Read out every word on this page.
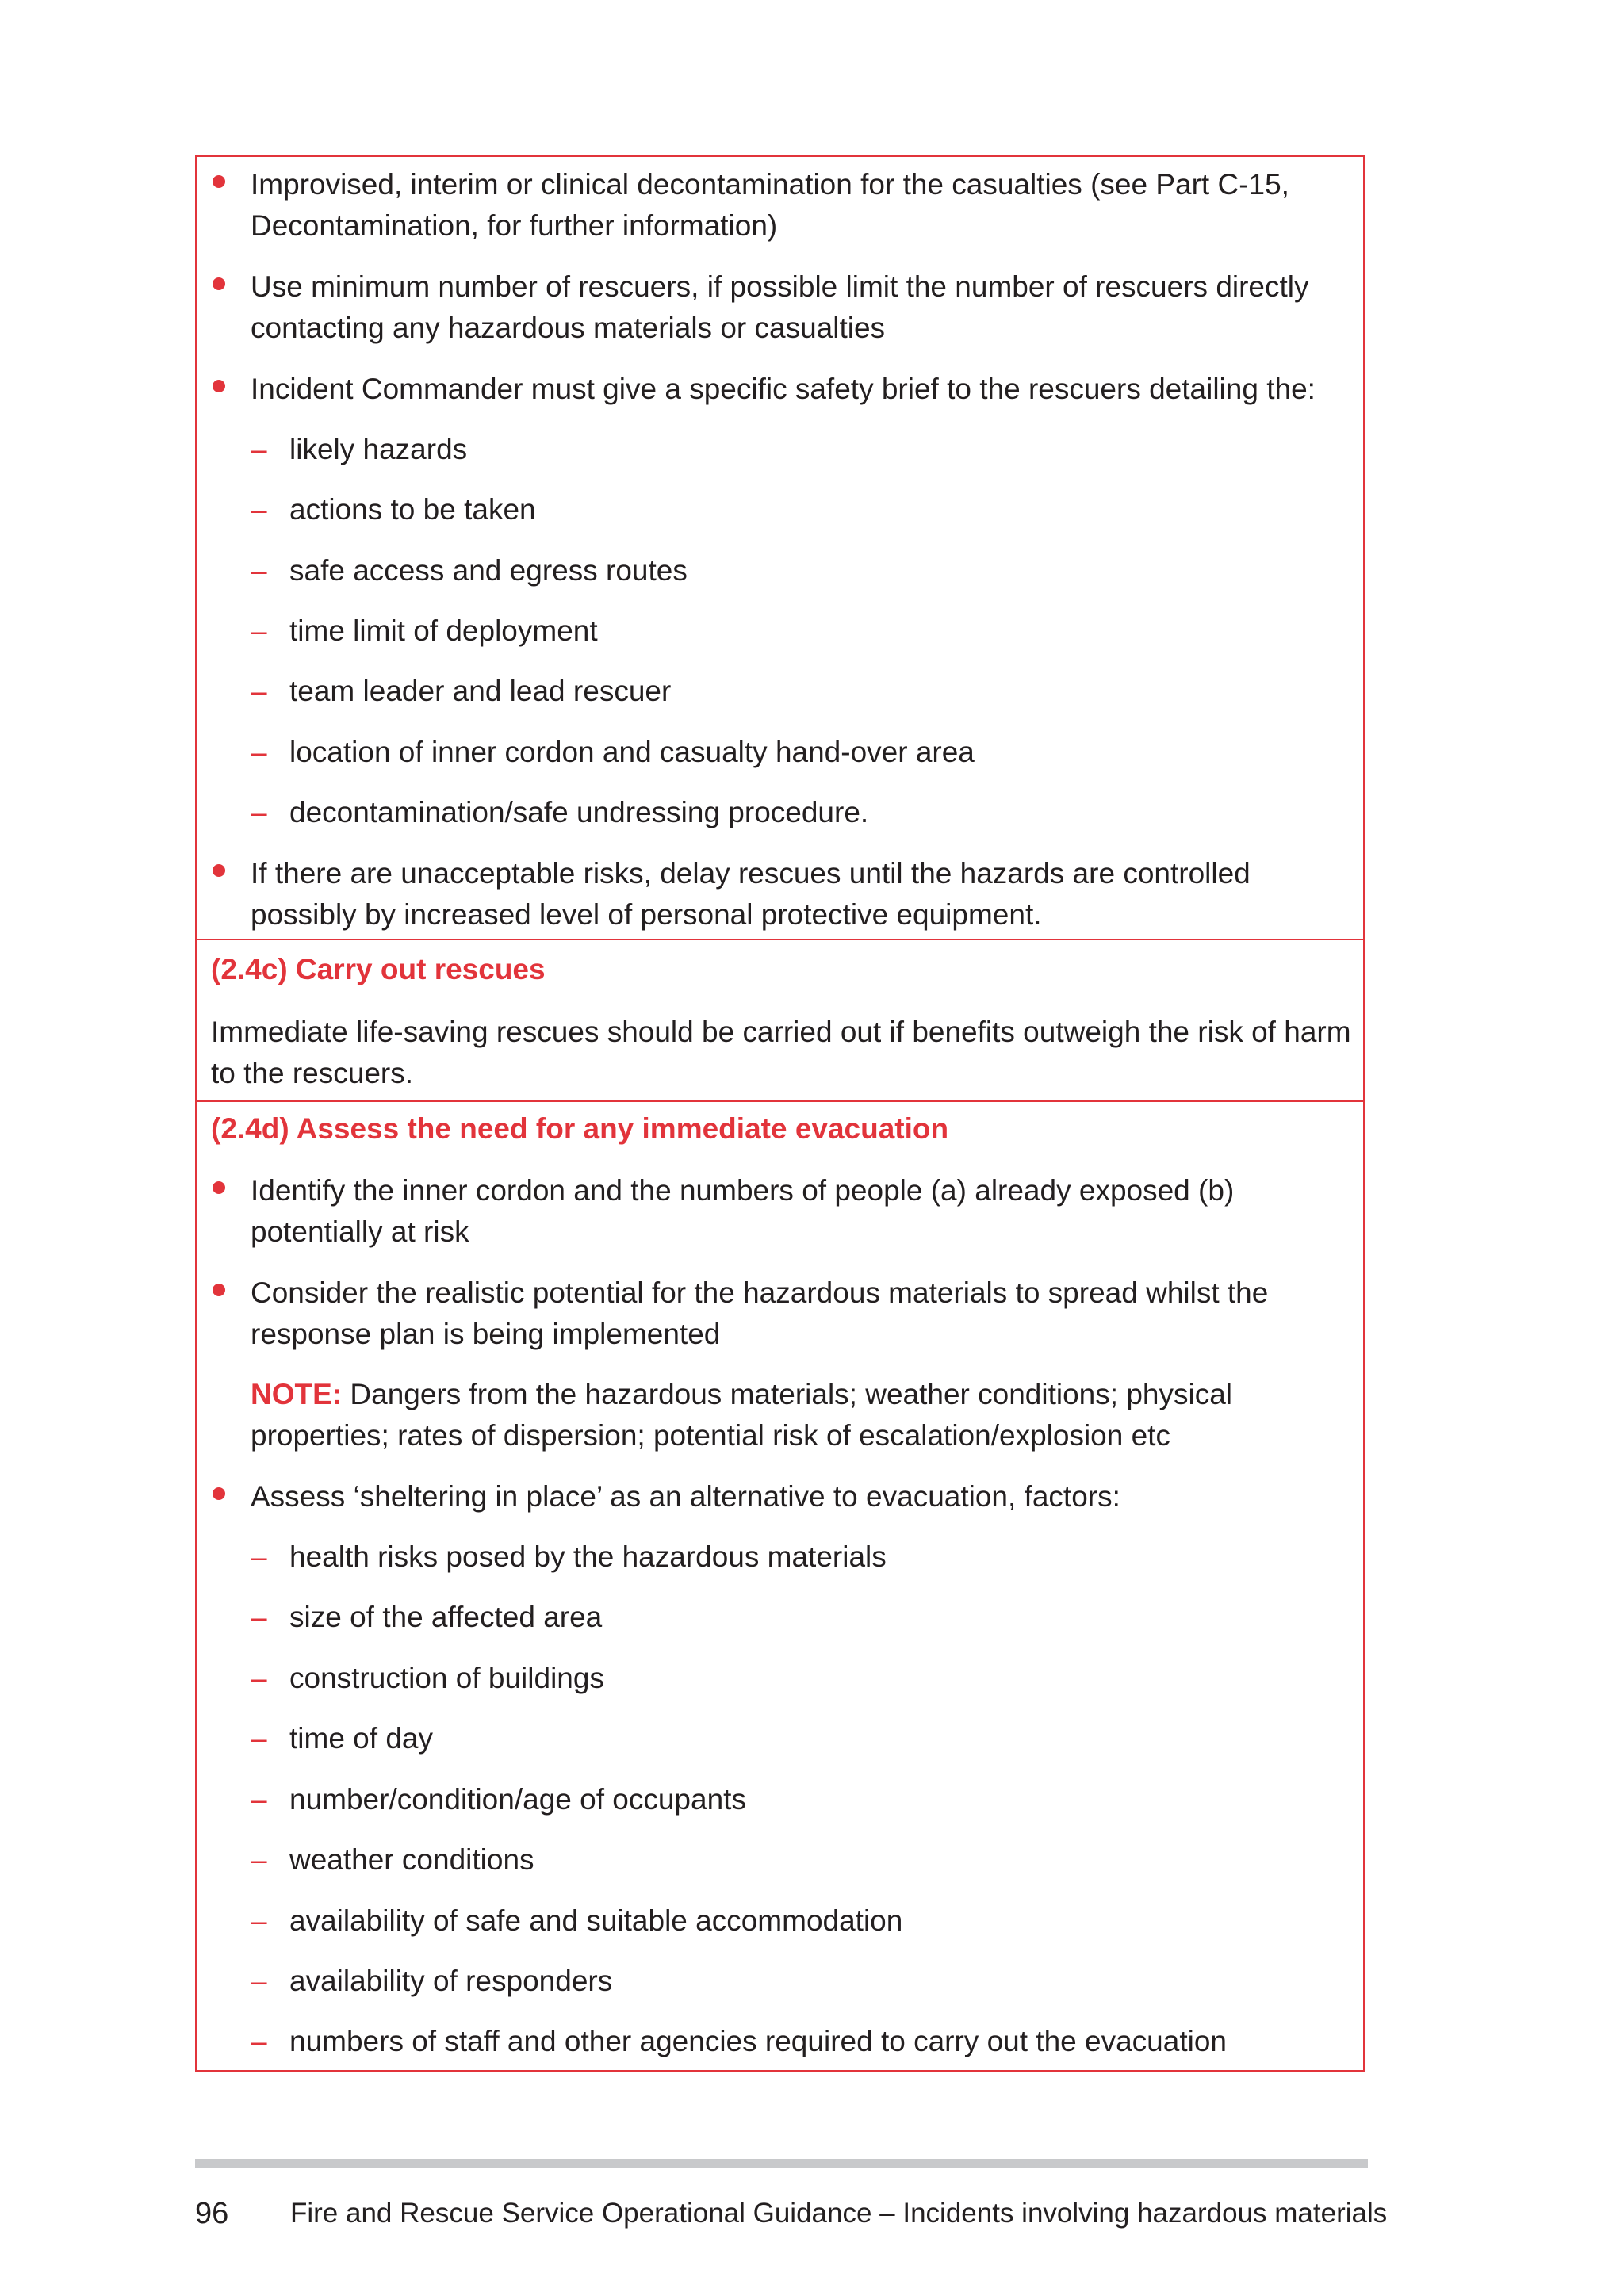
Improvised, interim or clinical decontamination for the casualties (see Part C-15,
Decontamination, for further information)
Use minimum number of rescuers, if possible limit the number of rescuers directly
contacting any hazardous materials or casualties
Incident Commander must give a specific safety brief to the rescuers detailing the:
– likely hazards
– actions to be taken
– safe access and egress routes
– time limit of deployment
– team leader and lead rescuer
– location of inner cordon and casualty hand-over area
– decontamination/safe undressing procedure.
If there are unacceptable risks, delay rescues until the hazards are controlled
possibly by increased level of personal protective equipment.
(2.4c) Carry out rescues
Immediate life-saving rescues should be carried out if benefits outweigh the risk of harm
to the rescuers.
(2.4d) Assess the need for any immediate evacuation
Identify the inner cordon and the numbers of people (a) already exposed (b)
potentially at risk
Consider the realistic potential for the hazardous materials to spread whilst the
response plan is being implemented
NOTE: Dangers from the hazardous materials; weather conditions; physical
properties; rates of dispersion; potential risk of escalation/explosion etc
Assess ‘sheltering in place’ as an alternative to evacuation, factors:
– health risks posed by the hazardous materials
– size of the affected area
– construction of buildings
– time of day
– number/condition/age of occupants
– weather conditions
– availability of safe and suitable accommodation
– availability of responders
– numbers of staff and other agencies required to carry out the evacuation
96 Fire and Rescue Service Operational Guidance – Incidents involving hazardous materials
